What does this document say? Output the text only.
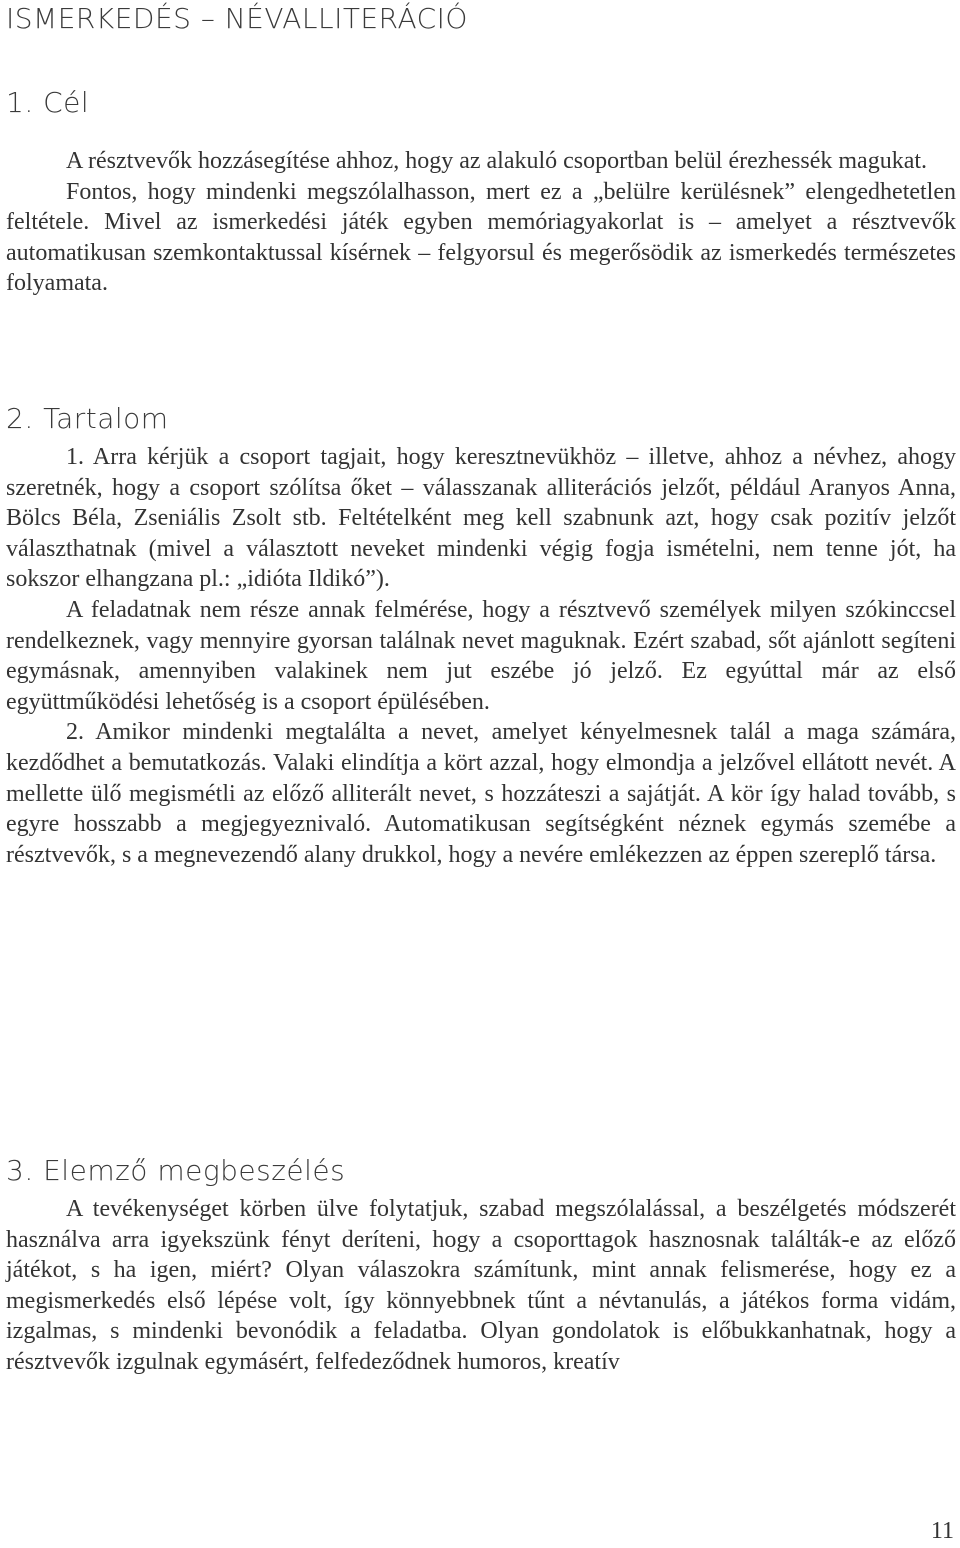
ISMERKEDÉS – NÉVALLITERÁCIÓ
1. Cél

A résztvevők hozzásegítése ahhoz, hogy az alakuló csoportban belül érezhessék magukat.

Fontos, hogy mindenki megszólalhasson, mert ez a „belülre kerülésnek” elengedhetetlen feltétele. Mivel az ismerkedési játék egyben memóriagyakorlat is – amelyet a résztvevők automatikusan szemkontaktussal kísérnek – felgyorsul és megerősödik az ismerkedés természetes folyamata.

2. Tartalom

1. Arra kérjük a csoport tagjait, hogy keresztnevükhöz – illetve, ahhoz a névhez, ahogy szeretnék, hogy a csoport szólítsa őket – válasszanak alliterációs jelzőt, például Aranyos Anna, Bölcs Béla, Zseniális Zsolt stb. Feltételként meg kell szabnunk azt, hogy csak pozitív jelzőt választhatnak (mivel a választott neveket mindenki végig fogja ismételni, nem tenne jót, ha sokszor elhangzana pl.: „idióta Ildikó”).

A feladatnak nem része annak felmérése, hogy a résztvevő személyek milyen szókinccsel rendelkeznek, vagy mennyire gyorsan találnak nevet maguknak. Ezért szabad, sőt ajánlott segíteni egymásnak, amennyiben valakinek nem jut eszébe jó jelző. Ez egyúttal már az első együttműködési lehetőség is a csoport épülésében.

2. Amikor mindenki megtalálta a nevet, amelyet kényelmesnek talál a maga számára, kezdődhet a bemutatkozás. Valaki elindítja a kört azzal, hogy elmondja a jelzővel ellátott nevét. A mellette ülő megismétli az előző alliterált nevet, s hozzáteszi a sajátját. A kör így halad tovább, s egyre hosszabb a megjegyeznivaló. Automatikusan segítségként néznek egymás szemébe a résztvevők, s a megnevezendő alany drukkol, hogy a nevére emlékezzen az éppen szereplő társa.

3. Elemző megbeszélés

A tevékenységet körben ülve folytatjuk, szabad megszólalással, a beszélgetés módszerét használva arra igyekszünk fényt deríteni, hogy a csoporttagok hasznosnak találták-e az előző játékot, s ha igen, miért? Olyan válaszokra számítunk, mint annak felismerése, hogy ez a megismerkedés első lépése volt, így könnyebbnek tűnt a névtanulás, a játékos forma vidám, izgalmas, s mindenki bevonódik a feladatba. Olyan gondolatok is előbukkanhatnak, hogy a résztvevők izgulnak egymásért, felfedeződnek humoros, kreatív

11
